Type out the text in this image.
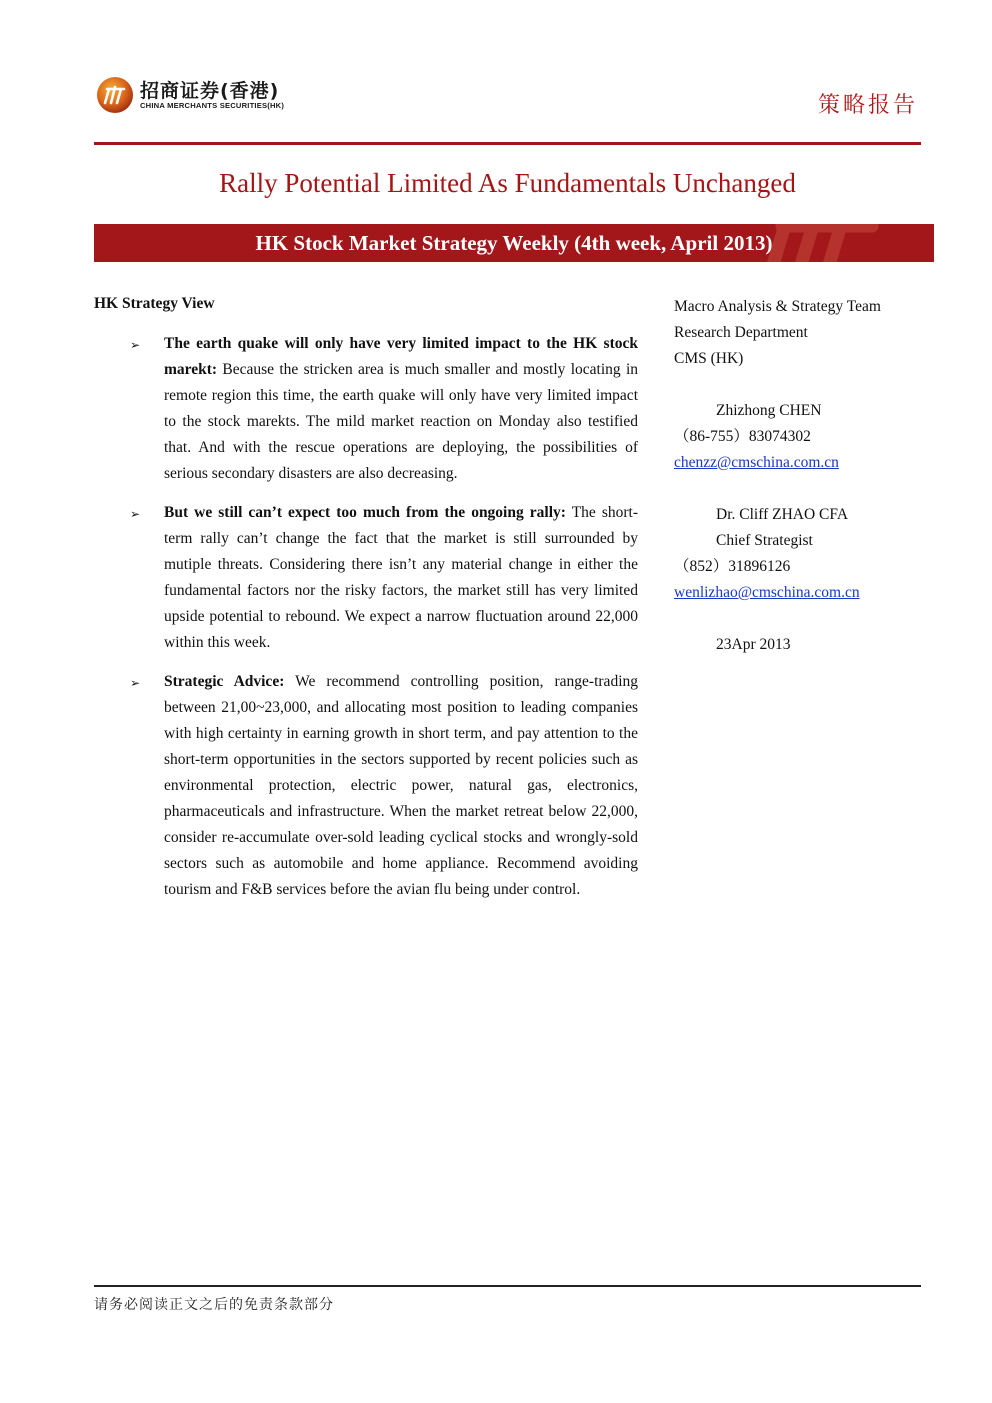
招商证券(香港)
CHINA MERCHANTS SECURITIES(HK)	策略报告
Rally Potential Limited As Fundamentals Unchanged
HK Stock Market Strategy Weekly (4th week, April 2013)
HK Strategy View
➢ The earth quake will only have very limited impact to the HK stock marekt: Because the stricken area is much smaller and mostly locating in remote region this time, the earth quake will only have very limited impact to the stock marekts. The mild market reaction on Monday also testified that. And with the rescue operations are deploying, the possibilities of serious secondary disasters are also decreasing.
➢ But we still can’t expect too much from the ongoing rally: The short-term rally can’t change the fact that the market is still surrounded by mutiple threats. Considering there isn’t any material change in either the fundamental factors nor the risky factors, the market still has very limited upside potential to rebound. We expect a narrow fluctuation around 22,000 within this week.
➢ Strategic Advice: We recommend controlling position, range-trading between 21,00~23,000, and allocating most position to leading companies with high certainty in earning growth in short term, and pay attention to the short-term opportunities in the sectors supported by recent policies such as environmental protection, electric power, natural gas, electronics, pharmaceuticals and infrastructure. When the market retreat below 22,000, consider re-accumulate over-sold leading cyclical stocks and wrongly-sold sectors such as automobile and home appliance. Recommend avoiding tourism and F&B services before the avian flu being under control.
Macro Analysis & Strategy Team
Research Department
CMS (HK)
Zhizhong CHEN
（86-755）83074302
chenzz@cmschina.com.cn
Dr. Cliff ZHAO CFA
Chief Strategist
（852）31896126
wenlizhao@cmschina.com.cn
23Apr 2013
请务必阅读正文之后的免责条款部分
